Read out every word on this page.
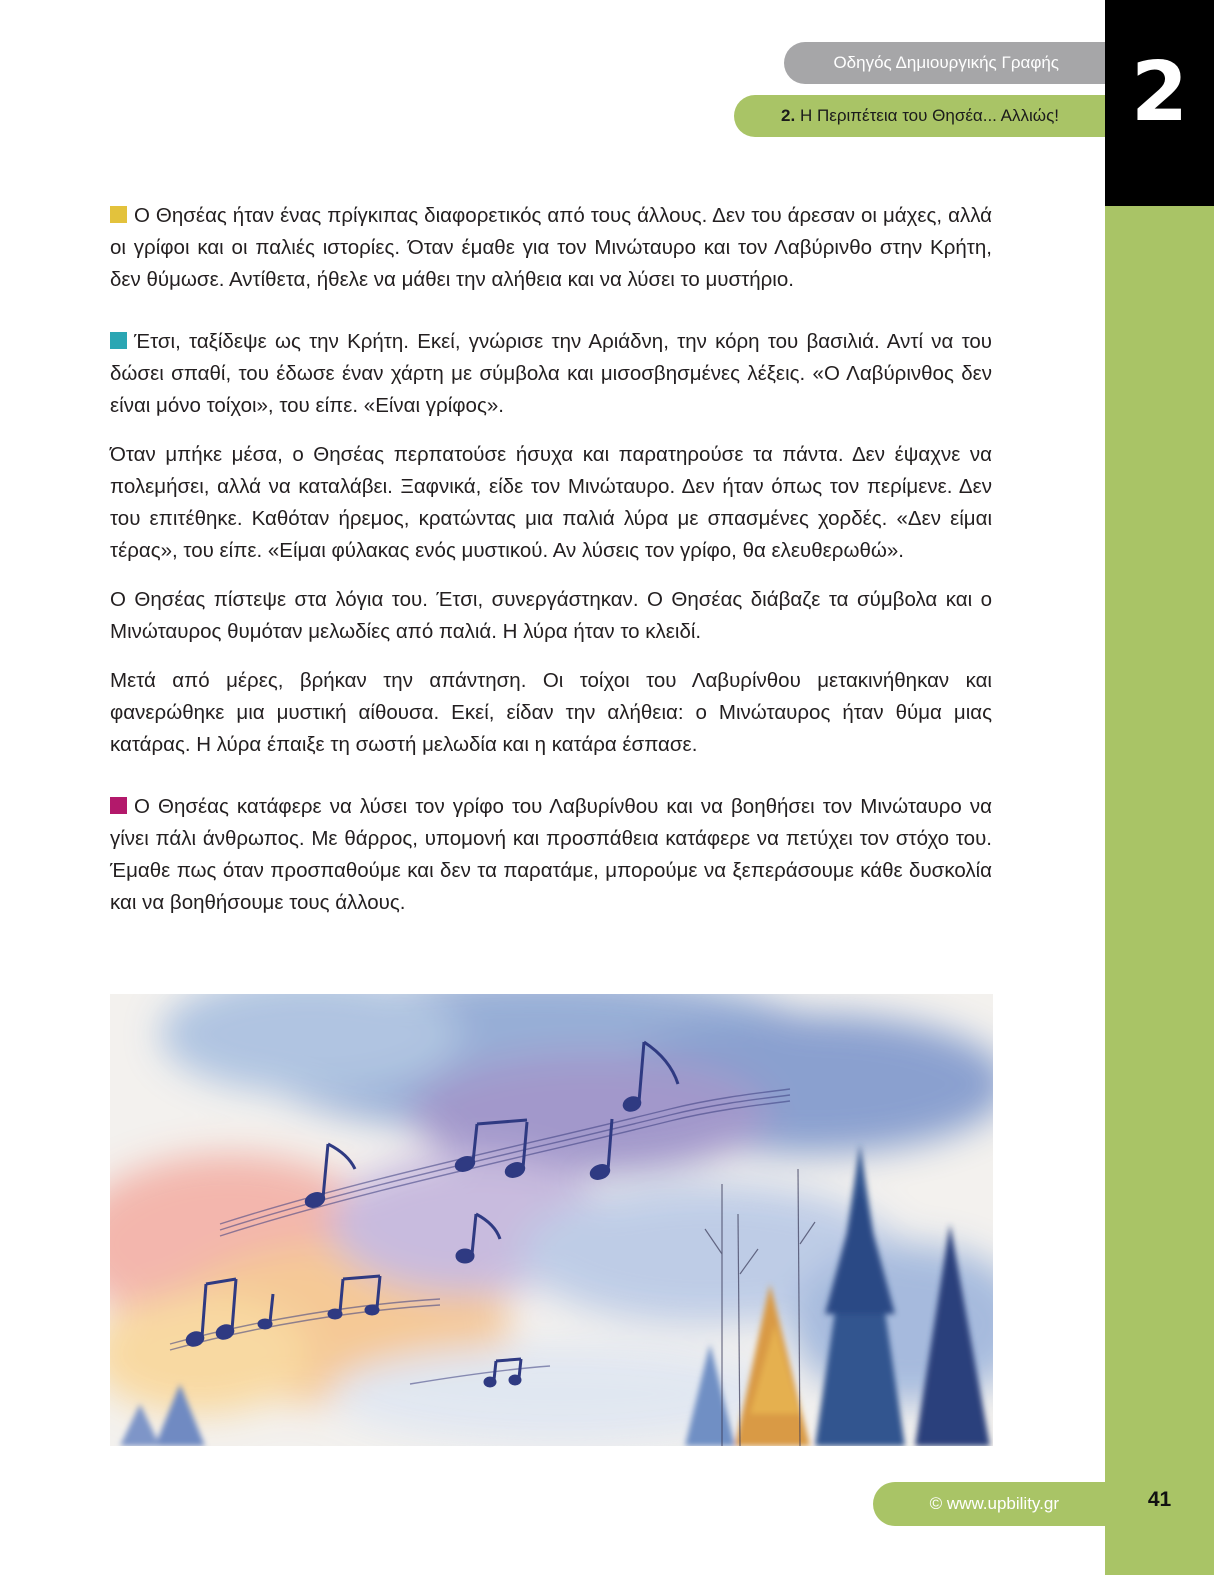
2
Οδηγός Δημιουργικής Γραφής
2. Η Περιπέτεια του Θησέα... Αλλιώς!

Ο Θησέας ήταν ένας πρίγκιπας διαφορετικός από τους άλλους. Δεν του άρεσαν οι μάχες, αλλά οι γρίφοι και οι παλιές ιστορίες. Όταν έμαθε για τον Μινώταυρο και τον Λαβύρινθο στην Κρήτη, δεν θύμωσε. Αντίθετα, ήθελε να μάθει την αλήθεια και να λύσει το μυστήριο.

Έτσι, ταξίδεψε ως την Κρήτη. Εκεί, γνώρισε την Αριάδνη, την κόρη του βασιλιά. Αντί να του δώσει σπαθί, του έδωσε έναν χάρτη με σύμβολα και μισοσβησμένες λέξεις. «Ο Λαβύρινθος δεν είναι μόνο τοίχοι», του είπε. «Είναι γρίφος».

Όταν μπήκε μέσα, ο Θησέας περπατούσε ήσυχα και παρατηρούσε τα πάντα. Δεν έψαχνε να πολεμήσει, αλλά να καταλάβει. Ξαφνικά, είδε τον Μινώταυρο. Δεν ήταν όπως τον περίμενε. Δεν του επιτέθηκε. Καθόταν ήρεμος, κρατώντας μια παλιά λύρα με σπασμένες χορδές. «Δεν είμαι τέρας», του είπε. «Είμαι φύλακας ενός μυστικού. Αν λύσεις τον γρίφο, θα ελευθερωθώ».

Ο Θησέας πίστεψε στα λόγια του. Έτσι, συνεργάστηκαν. Ο Θησέας διάβαζε τα σύμβολα και ο Μινώταυρος θυμόταν μελωδίες από παλιά. Η λύρα ήταν το κλειδί.

Μετά από μέρες, βρήκαν την απάντηση. Οι τοίχοι του Λαβυρίνθου μετακινήθηκαν και φανερώθηκε μια μυστική αίθουσα. Εκεί, είδαν την αλήθεια: ο Μινώταυρος ήταν θύμα μιας κατάρας. Η λύρα έπαιξε τη σωστή μελωδία και η κατάρα έσπασε.

Ο Θησέας κατάφερε να λύσει τον γρίφο του Λαβυρίνθου και να βοηθήσει τον Μινώταυρο να γίνει πάλι άνθρωπος. Με θάρρος, υπομονή και προσπάθεια κατάφερε να πετύχει τον στόχο του. Έμαθε πως όταν προσπαθούμε και δεν τα παρατάμε, μπορούμε να ξεπεράσουμε κάθε δυσκολία και να βοηθήσουμε τους άλλους.

© www.upbility.gr	41
